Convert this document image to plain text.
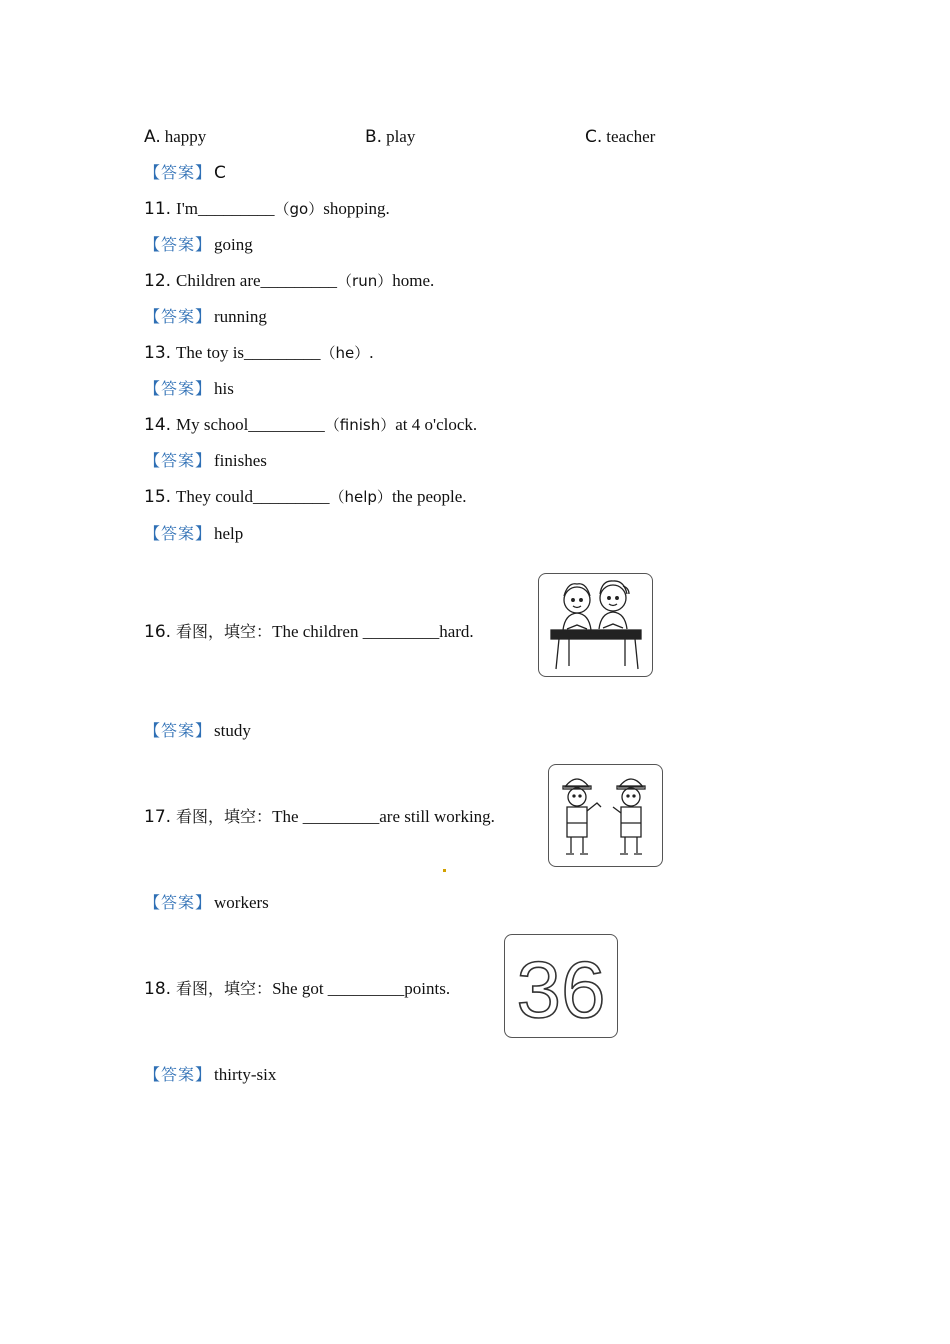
A. happy	B. play	C. teacher
【答案】 C
11. I'm_________（go）shopping.
【答案】 going
12. Children are_________（run）home.
【答案】 running
13. The toy is_________（he）.
【答案】 his
14. My school_________（finish）at 4 o'clock.
【答案】 finishes
15. They could_________（help）the people.
【答案】 help
16. 看图，填空：The children _________hard.
【答案】 study
17. 看图，填空：The _________are still working.
【答案】 workers
18. 看图，填空：She got _________points. 36
【答案】 thirty-six
